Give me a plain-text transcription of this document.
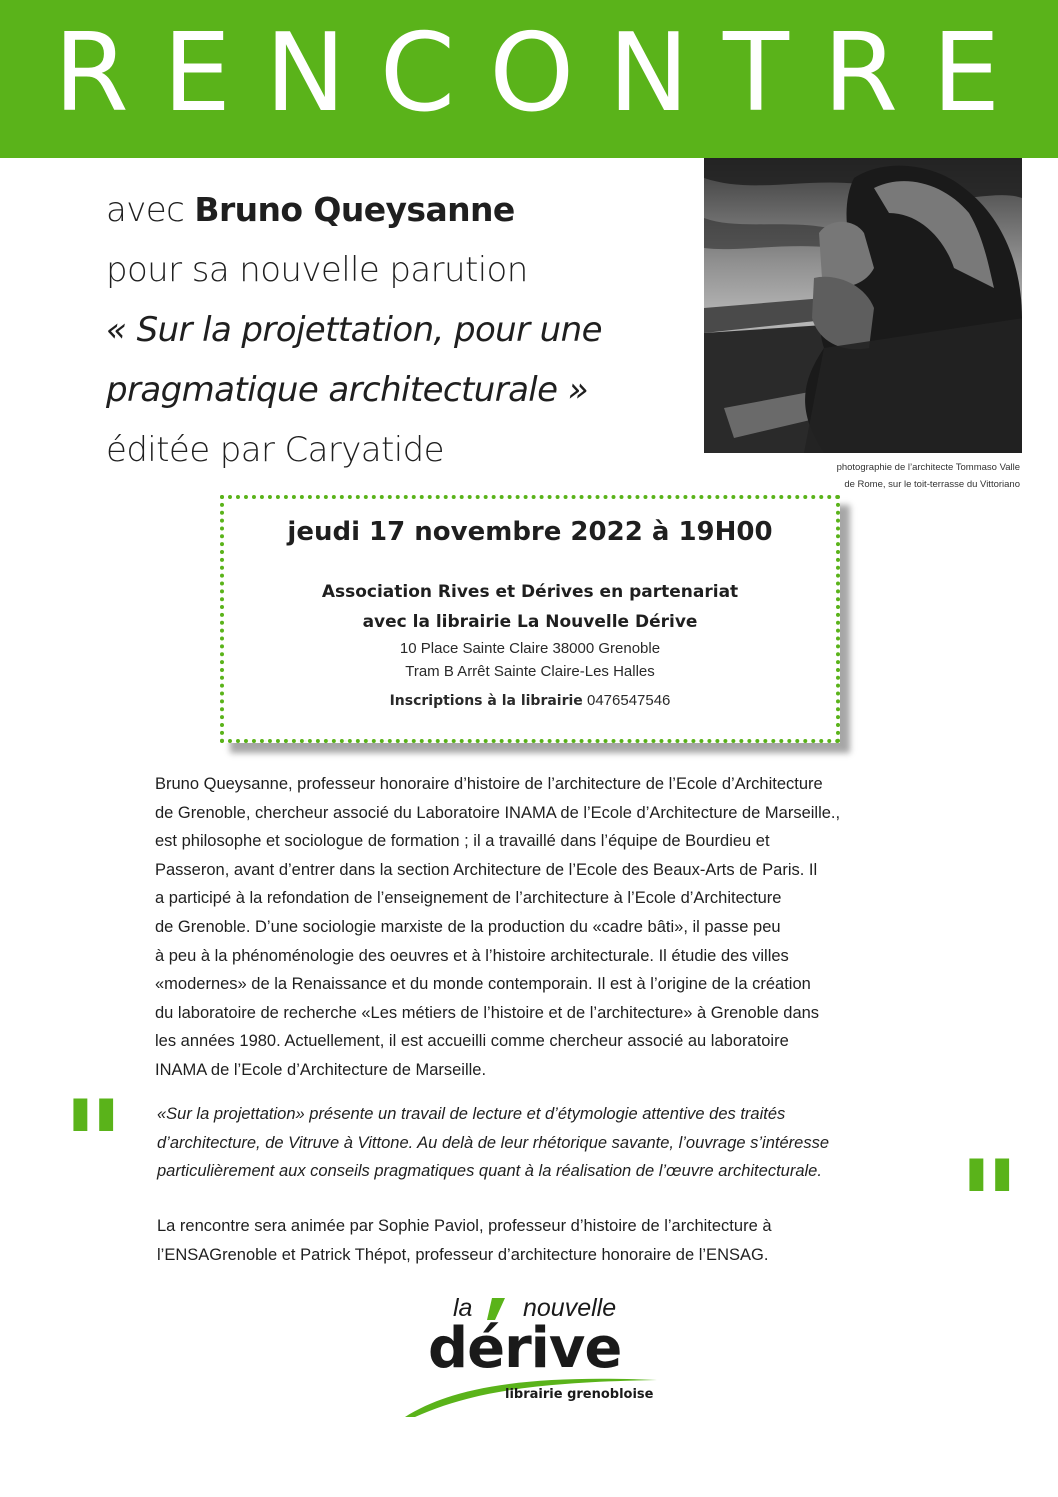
RENCONTRE
avec Bruno Queysanne
pour sa nouvelle parution
« Sur la projettation, pour une
pragmatique architecturale »
éditée par Caryatide	photographie de l’architecte Tommaso Valle
de Rome, sur le toit-terrasse du Vittoriano
jeudi 17 novembre 2022 à 19H00
Association Rives et Dérives en partenariat
avec la librairie La Nouvelle Dérive
10 Place Sainte Claire 38000 Grenoble
Tram B Arrêt Sainte Claire-Les Halles
Inscriptions à la librairie 0476547546
Bruno Queysanne, professeur honoraire d’histoire de l’architecture de l’Ecole d’Architecture
de Grenoble, chercheur associé du Laboratoire INAMA de l’Ecole d’Architecture de Marseille.,
est philosophe et sociologue de formation ; il a travaillé dans l’équipe de Bourdieu et
Passeron, avant d’entrer dans la section Architecture de l’Ecole des Beaux-Arts de Paris. Il
a participé à la refondation de l’enseignement de l’architecture à l’Ecole d’Architecture
de Grenoble. D’une sociologie marxiste de la production du «cadre bâti», il passe peu
à peu à la phénoménologie des oeuvres et à l’histoire architecturale. Il étudie des villes
«modernes» de la Renaissance et du monde contemporain. Il est à l’origine de la création
du laboratoire de recherche «Les métiers de l’histoire et de l’architecture» à Grenoble dans
les années 1980. Actuellement, il est accueilli comme chercheur associé au laboratoire
INAMA de l’Ecole d’Architecture de Marseille.
" «Sur la projettation» présente un travail de lecture et d’étymologie attentive des traités
d’architecture, de Vitruve à Vittone. Au delà de leur rhétorique savante, l’ouvrage s’intéresse
particulièrement aux conseils pragmatiques quant à la réalisation de l’œuvre architecturale.	"
La rencontre sera animée par Sophie Paviol, professeur d’histoire de l’architecture à
l’ENSAGrenoble et Patrick Thépot, professeur d’architecture honoraire de l’ENSAG.
la nouvelle
dérive
librairie grenobloise
